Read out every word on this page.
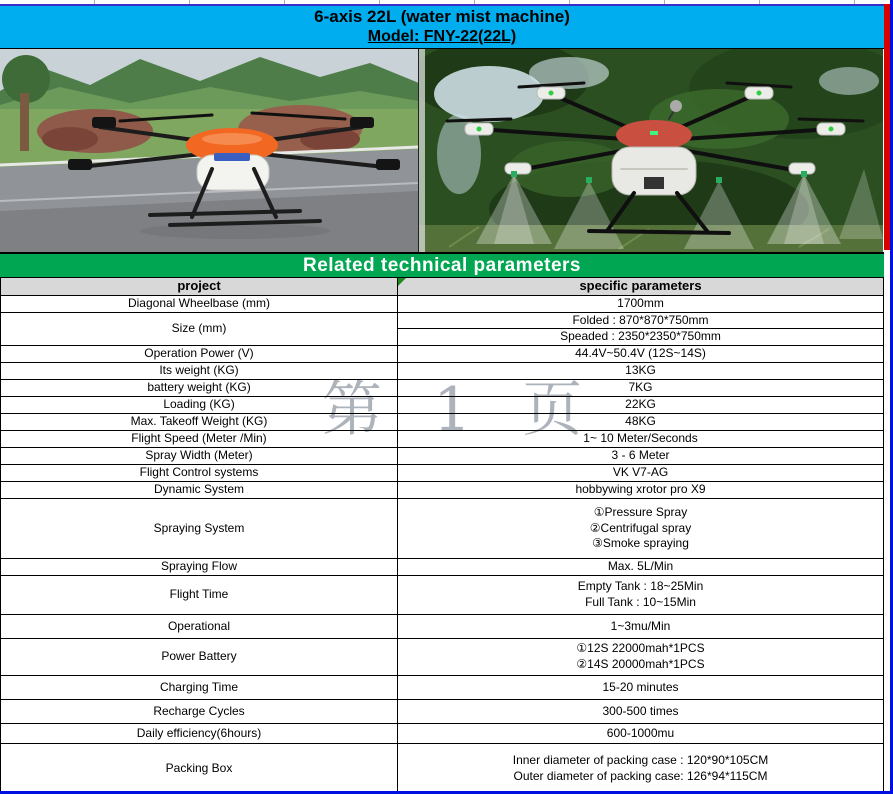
6-axis 22L (water mist machine)
Model: FNY-22(22L)
Related technical parameters
第 1 页
project	specific parameters
Diagonal Wheelbase (mm)	1700mm

Size (mm)	Folded : 870*870*750mm
	Speaded : 2350*2350*750mm
Operation Power (V)	44.4V~50.4V (12S~14S)

Its weight (KG)	13KG

battery weight (KG)	7KG

Loading (KG)	22KG

Max. Takeoff Weight (KG)	48KG

Flight Speed (Meter /Min)	1~ 10 Meter/Seconds

Spray Width (Meter)	3 - 6 Meter

Flight Control systems	VK V7-AG

Dynamic System	hobbywing xrotor pro X9

Spraying System	①Pressure Spray
②Centrifugal spray
③Smoke spraying

Spraying Flow	Max. 5L/Min

Flight Time	Empty Tank : 18~25Min
Full Tank : 10~15Min

Operational	1~3mu/Min

Power Battery	①12S 22000mah*1PCS
②14S 20000mah*1PCS

Charging Time	15-20 minutes

Recharge Cycles	300-500 times

Daily efficiency(6hours)	600-1000mu

Packing Box	Inner diameter of packing case : 120*90*105CM
Outer diameter of packing case: 126*94*115CM
